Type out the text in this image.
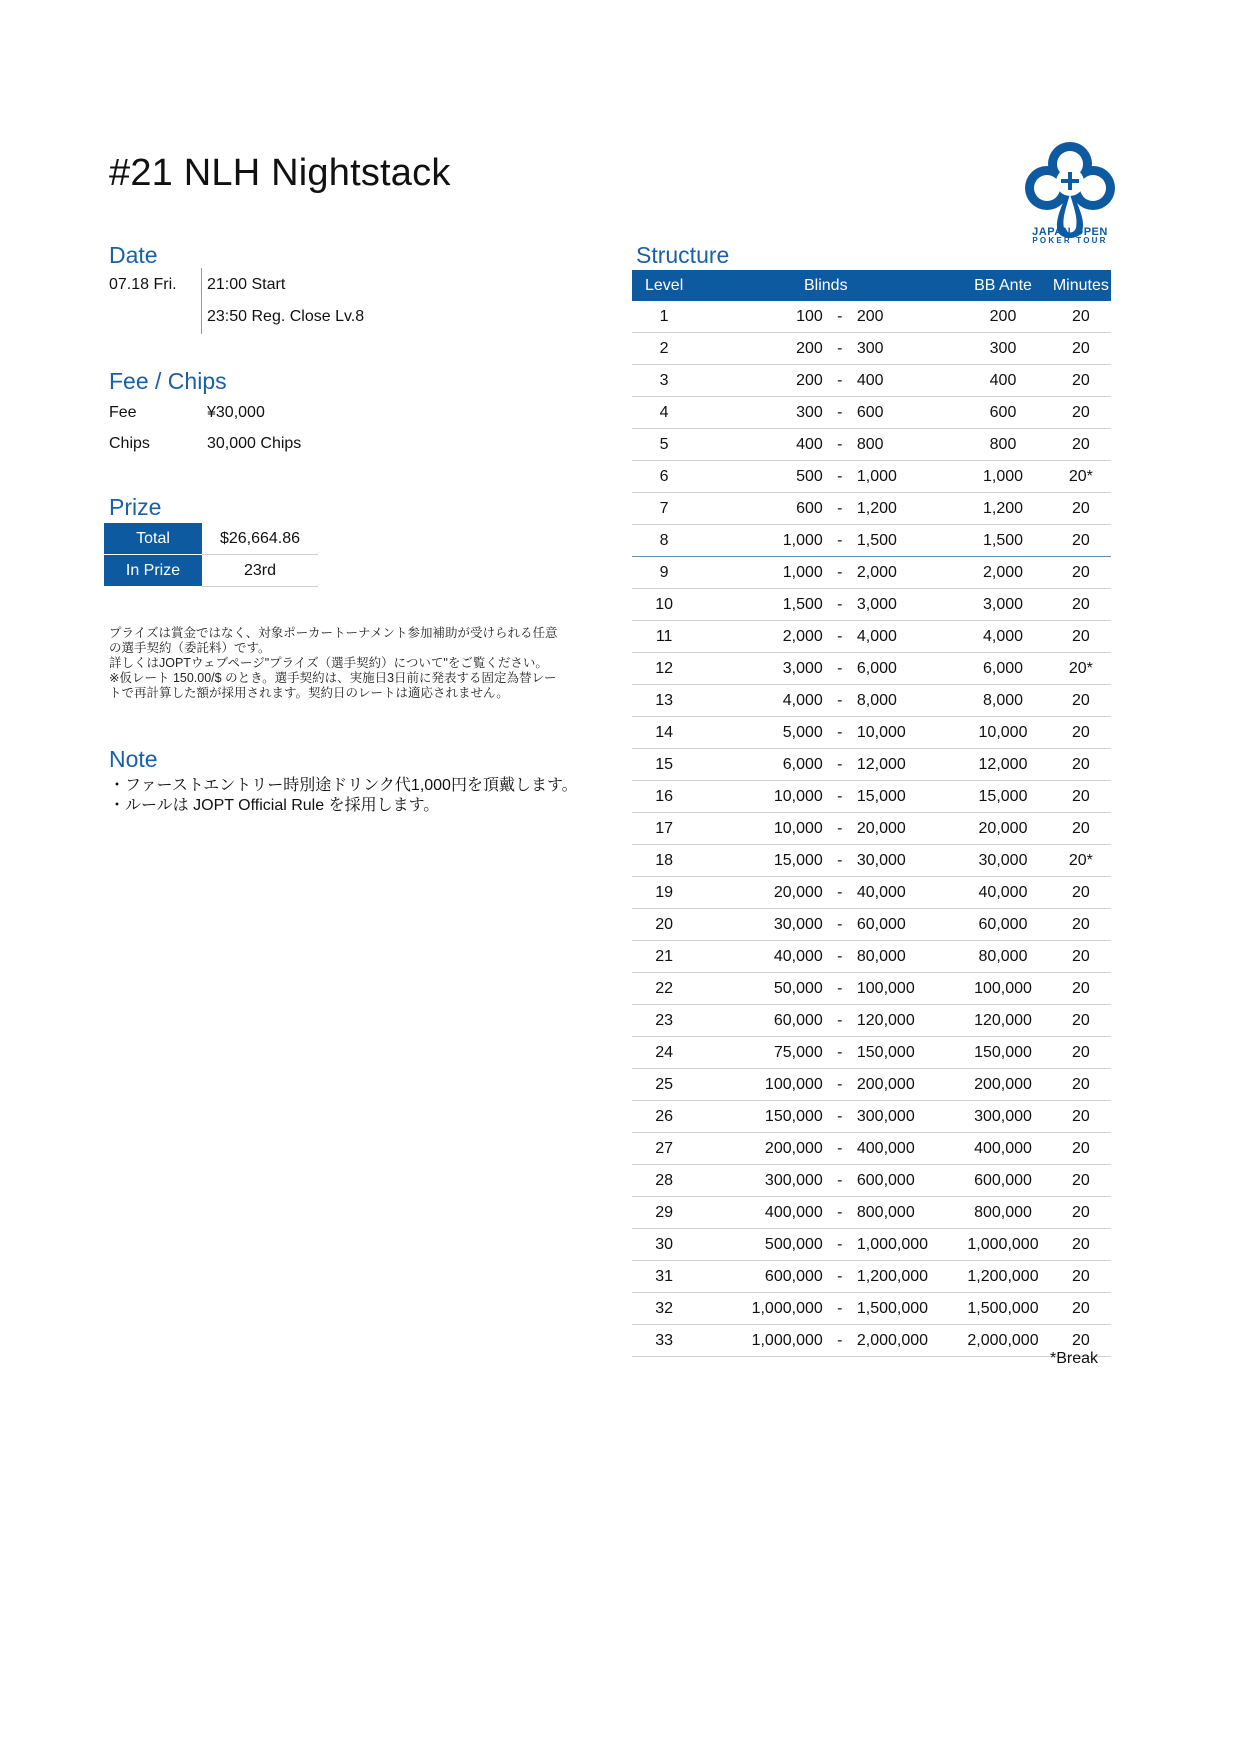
#21 NLH Nightstack
JAPAN OPEN
POKER TOUR
Date
07.18 Fri. 21:00 Start
23:50 Reg. Close Lv.8
Fee / Chips
Fee	¥30,000
Chips	30,000 Chips
Prize
Total	$26,664.86
In Prize	23rd
プライズは賞金ではなく、対象ポーカートーナメント参加補助が受けられる任意
の選手契約（委託料）です。
詳しくはJOPTウェブページ"プライズ（選手契約）について"をご覧ください。
※仮レート 150.00/$ のとき。選手契約は、実施日3日前に発表する固定為替レー
トで再計算した額が採用されます。契約日のレートは適応されません。
Note
・ファーストエントリー時別途ドリンク代1,000円を頂戴します。
・ルールは JOPT Official Rule を採用します。
Structure
Level	Blinds			BB Ante	Minutes
1	100	-	200	200	20
2	200	-	300	300	20
3	200	-	400	400	20
4	300	-	600	600	20
5	400	-	800	800	20
6	500	-	1,000	1,000	20*
7	600	-	1,200	1,200	20
8	1,000	-	1,500	1,500	20
9	1,000	-	2,000	2,000	20
10	1,500	-	3,000	3,000	20
11	2,000	-	4,000	4,000	20
12	3,000	-	6,000	6,000	20*
13	4,000	-	8,000	8,000	20
14	5,000	-	10,000	10,000	20
15	6,000	-	12,000	12,000	20
16	10,000	-	15,000	15,000	20
17	10,000	-	20,000	20,000	20
18	15,000	-	30,000	30,000	20*
19	20,000	-	40,000	40,000	20
20	30,000	-	60,000	60,000	20
21	40,000	-	80,000	80,000	20
22	50,000	-	100,000	100,000	20
23	60,000	-	120,000	120,000	20
24	75,000	-	150,000	150,000	20
25	100,000	-	200,000	200,000	20
26	150,000	-	300,000	300,000	20
27	200,000	-	400,000	400,000	20
28	300,000	-	600,000	600,000	20
29	400,000	-	800,000	800,000	20
30	500,000	-	1,000,000	1,000,000	20
31	600,000	-	1,200,000	1,200,000	20
32	1,000,000	-	1,500,000	1,500,000	20
33	1,000,000	-	2,000,000	2,000,000	20
*Break
